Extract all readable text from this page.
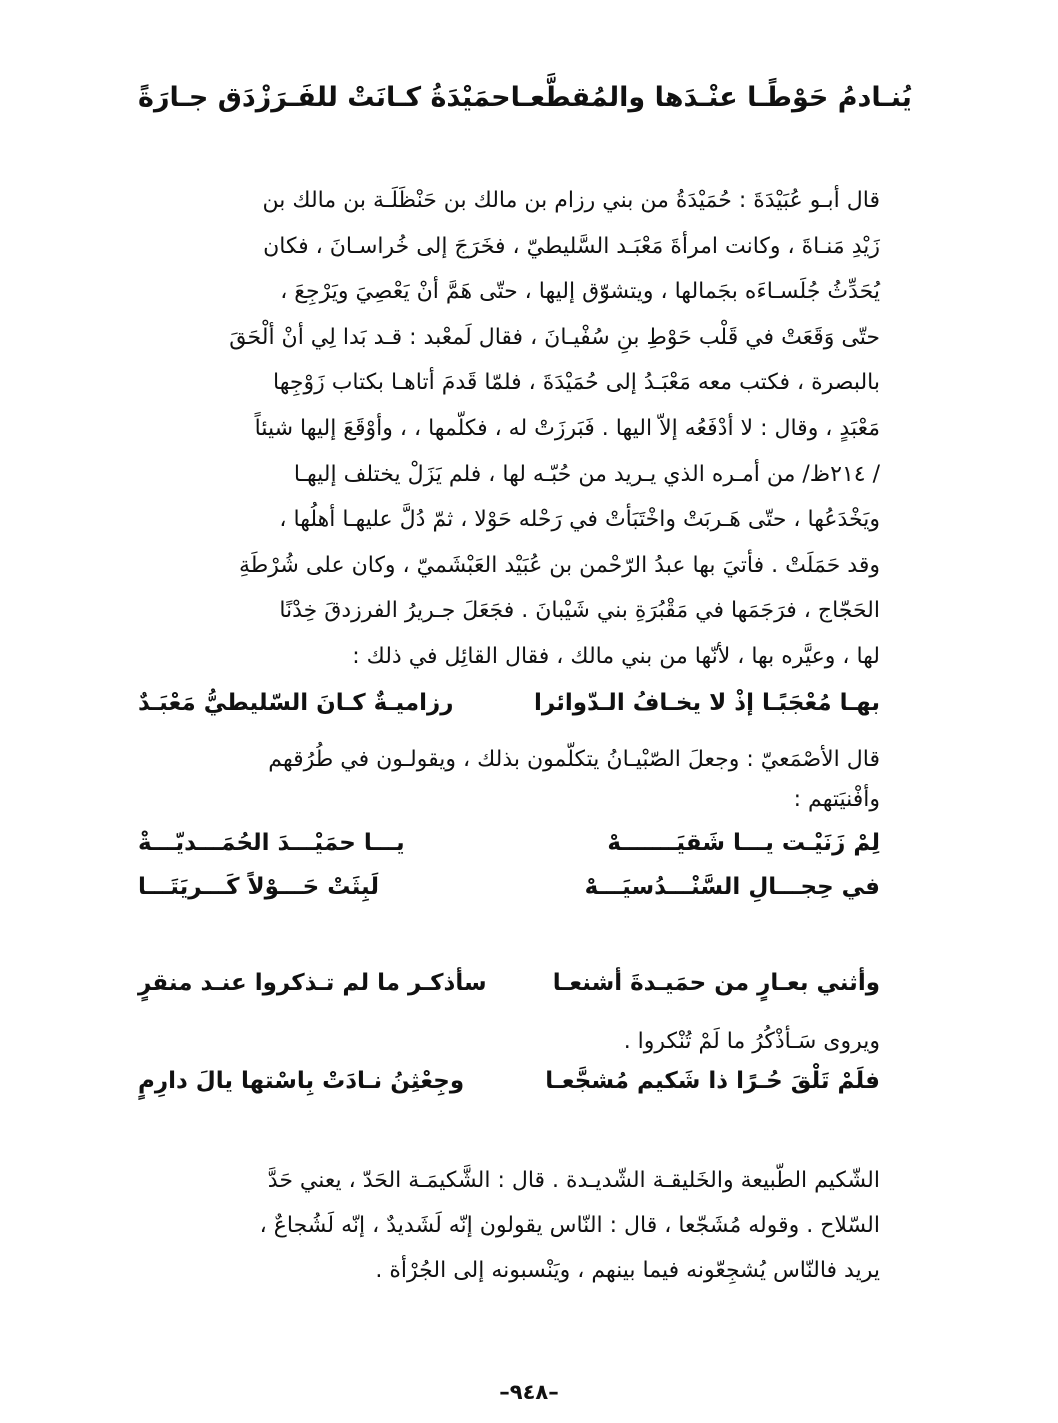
حمَيْدَةُ كـانَتْ للفَـرَزْدَق جـارَةً يُنـادمُ حَوْطًـا عنْـدَها والمُقطَّعـا
قال أبـو عُبَيْدَةَ : حُمَيْدَةُ من بني رزام بن مالك بن حَنْظَلَـة بن مالك بن
زَيْدِ مَنـاةَ ، وكانت امرأةَ مَعْبَـد السَّليطيّ ، فخَرَجَ إلى خُراسـانَ ، فكان
يُحَدِّثُ جُلَسـاءَه بجَمالها ، ويتشوّق إليها ، حتّى هَمَّ أنْ يَعْصِيَ ويَرْجِعَ ،
حتّى وَقَعَتْ في قَلْب حَوْطِ بنِ سُفْيـانَ ، فقال لَمعْبد : قـد بَدا لِي أنْ ألْحَقَ
بالبصرة ، فكتب معه مَعْبَـدُ إلى حُمَيْدَةَ ، فلمّا قَدمَ أتاهـا بكتاب زَوْجِها
مَعْبَدٍ ، وقال : لا أدْفَعُه إلاّ اليها . فَبَرزَتْ له ، فكلّمها ، ، وأوْقَعَ إليها شيئاً
/ ٢١٤ظ/ من أمـره الذي يـريد من حُبّـه لها ، فلم يَزَلْ يختلف إليهـا
ويَخْدَعُها ، حتّى هَـربَتْ واخْتَبَأتْ في رَحْله حَوْلا ، ثمّ دُلَّ عليهـا أهلُها ،
وقد حَمَلَتْ . فأتيَ بها عبدُ الرّحْمن بن عُبَيْد العَبْشَميّ ، وكان على شُرْطَةِ
الحَجّاج ، فرَجَمَها في مَقْبُرَةِ بني شَيْبانَ . فجَعَلَ جـريرُ الفرزدقَ خِدْنًا
لها ، وعيَّره بها ، لأنّها من بني مالك ، فقال القائِل في ذلك :
رزاميـةٌ كـانَ السّليطيُّ مَعْبَـدٌ	بهـا مُعْجَبًـا إذْ لا يخـافُ الـدّوائرا
قال الأصْمَعيّ : وجعلَ الصّبْيـانُ يتكلّمون بذلك ، ويقولـون في طُرُقهم
وأفْنيَتهم :
يـــا حمَيْـــدَ الحُمَـــديّـــةْ	لِمْ زَنَيْـت يـــا شَقيَـــــــهْ
لَبِثَتْ حَـــوْلاً كَـــريَتَـــا	في حِجـــالِ السَّنْـــدُسيَـــهْ
سأذكـر ما لم تـذكروا عنـد منقرٍ	وأثني بعـارٍ من حمَيـدةَ أشنعـا
ويروى سَـأذْكُرُ ما لَمْ تُنْكروا .
وجِعْثِنُ نـادَتْ بِاسْتها يالَ دارِمٍ	فلَمْ تَلْقَ حُـرًا ذا شَكيم مُشجَّعـا
الشّكيم الطّبيعة والخَليقـة الشّديـدة . قال : الشَّكيمَـة الحَدّ ، يعني حَدَّ
السّلاح . وقوله مُشَجّعا ، قال : النّاس يقولون إنّه لَشَديدٌ ، إنّه لَشُجاعٌ ،
يريد فالنّاس يُشجِعّونه فيما بينهم ، ويَنْسبونه إلى الجُرْأة .
–٩٤٨–
